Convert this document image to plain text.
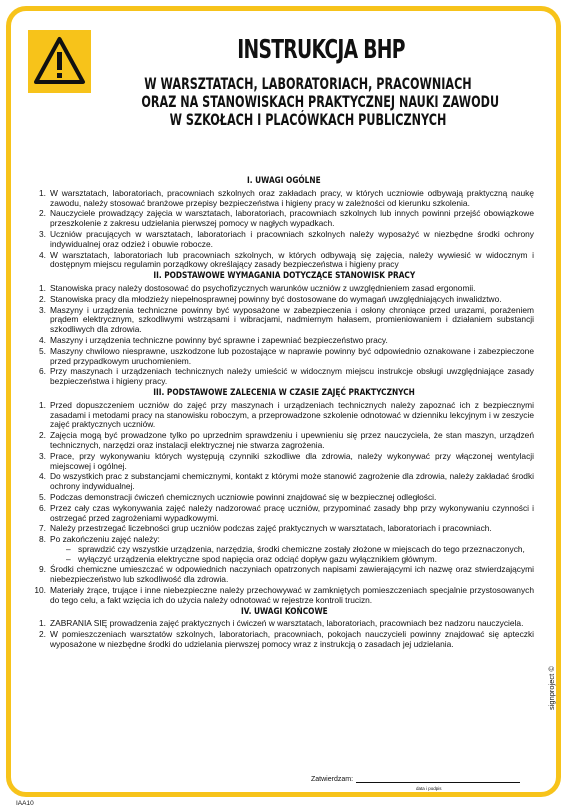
INSTRUKCJA BHP
W WARSZTATACH, LABORATORIACH, PRACOWNIACH
ORAZ NA STANOWISKACH PRAKTYCZNEJ NAUKI ZAWODU
W SZKOŁACH I PLACÓWKACH PUBLICZNYCH
I. UWAGI OGÓLNE
1. W warsztatach, laboratoriach, pracowniach szkolnych oraz zakładach pracy, w których uczniowie odbywają praktyczną naukę zawodu, należy stosować branżowe przepisy bezpieczeństwa i higieny pracy w zależności od kierunku szkolenia.
2. Nauczyciele prowadzący zajęcia w warsztatach, laboratoriach, pracowniach szkolnych lub innych powinni przejść obowiązkowe przeszkolenie z zakresu udzielania pierwszej pomocy w nagłych wypadkach.
3. Uczniów pracujących w warsztatach, laboratoriach i pracowniach szkolnych należy wyposażyć w niezbędne środki ochrony indywidualnej oraz odzież i obuwie robocze.
4. W warsztatach, laboratoriach lub pracowniach szkolnych, w których odbywają się zajęcia, należy wywiesić w widocznym i dostępnym miejscu regulamin porządkowy określający zasady bezpieczeństwa i higieny pracy
II. PODSTAWOWE WYMAGANIA DOTYCZĄCE STANOWISK PRACY
1. Stanowiska pracy należy dostosować do psychofizycznych warunków uczniów z uwzględnieniem zasad ergonomii.
2. Stanowiska pracy dla młodzieży niepełnosprawnej powinny być dostosowane do wymagań uwzględniających inwalidztwo.
3. Maszyny i urządzenia techniczne powinny być wyposażone w zabezpieczenia i osłony chroniące przed urazami, porażeniem prądem elektrycznym, szkodliwymi wstrząsami i wibracjami, nadmiernym hałasem, promieniowaniem i działaniem substancji szkodliwych dla zdrowia.
4. Maszyny i urządzenia techniczne powinny być sprawne i zapewniać bezpieczeństwo pracy.
5. Maszyny chwilowo niesprawne, uszkodzone lub pozostające w naprawie powinny być odpowiednio oznakowane i zabezpieczone przed przypadkowym uruchomieniem.
6. Przy maszynach i urządzeniach technicznych należy umieścić w widocznym miejscu instrukcje obsługi uwzględniające zasady bezpieczeństwa i higieny pracy.
III. PODSTAWOWE ZALECENIA W CZASIE ZAJĘĆ PRAKTYCZNYCH
1. Przed dopuszczeniem uczniów do zajęć przy maszynach i urządzeniach technicznych należy zapoznać ich z bezpiecznymi zasadami i metodami pracy na stanowisku roboczym, a przeprowadzone szkolenie odnotować w dzienniku lekcyjnym i w zeszycie zajęć praktycznych uczniów.
2. Zajęcia mogą być prowadzone tylko po uprzednim sprawdzeniu i upewnieniu się przez nauczyciela, że stan maszyn, urządzeń technicznych, narzędzi oraz instalacji elektrycznej nie stwarza zagrożenia.
3. Prace, przy wykonywaniu których występują czynniki szkodliwe dla zdrowia, należy wykonywać przy włączonej wentylacji miejscowej i ogólnej.
4. Do wszystkich prac z substancjami chemicznymi, kontakt z którymi może stanowić zagrożenie dla zdrowia, należy zakładać środki ochrony indywidualnej.
5. Podczas demonstracji ćwiczeń chemicznych uczniowie powinni znajdować się w bezpiecznej odległości.
6. Przez cały czas wykonywania zajęć należy nadzorować pracę uczniów, przypominać zasady bhp przy wykonywaniu czynności i ostrzegać przed zagrożeniami wypadkowymi.
7. Należy przestrzegać liczebności grup uczniów podczas zajęć praktycznych w warsztatach, laboratoriach i pracowniach.
8. Po zakończeniu zajęć należy:
– sprawdzić czy wszystkie urządzenia, narzędzia, środki chemiczne zostały złożone w miejscach do tego przeznaczonych,
– wyłączyć urządzenia elektryczne spod napięcia oraz odciąć dopływ gazu wyłącznikiem głównym.
9. Środki chemiczne umieszczać w odpowiednich naczyniach opatrzonych napisami zawierającymi ich nazwę oraz stwierdzającymi niebezpieczeństwo lub szkodliwość dla zdrowia.
10. Materiały żrące, trujące i inne niebezpieczne należy przechowywać w zamkniętych pomieszczeniach specjalnie przystosowanych do tego celu, a fakt wzięcia ich do użycia należy odnotować w rejestrze kontroli trucizn.
IV. UWAGI KOŃCOWE
1. ZABRANIA SIĘ prowadzenia zajęć praktycznych i ćwiczeń w warsztatach, laboratoriach, pracowniach bez nadzoru nauczyciela.
2. W pomieszczeniach warsztatów szkolnych, laboratoriach, pracowniach, pokojach nauczycieli powinny znajdować się apteczki wyposażone w niezbędne środki do udzielania pierwszej pomocy wraz z instrukcją o zasadach jej udzielania.
Zatwierdzam:
data i podpis
IAA10
signproject ©
